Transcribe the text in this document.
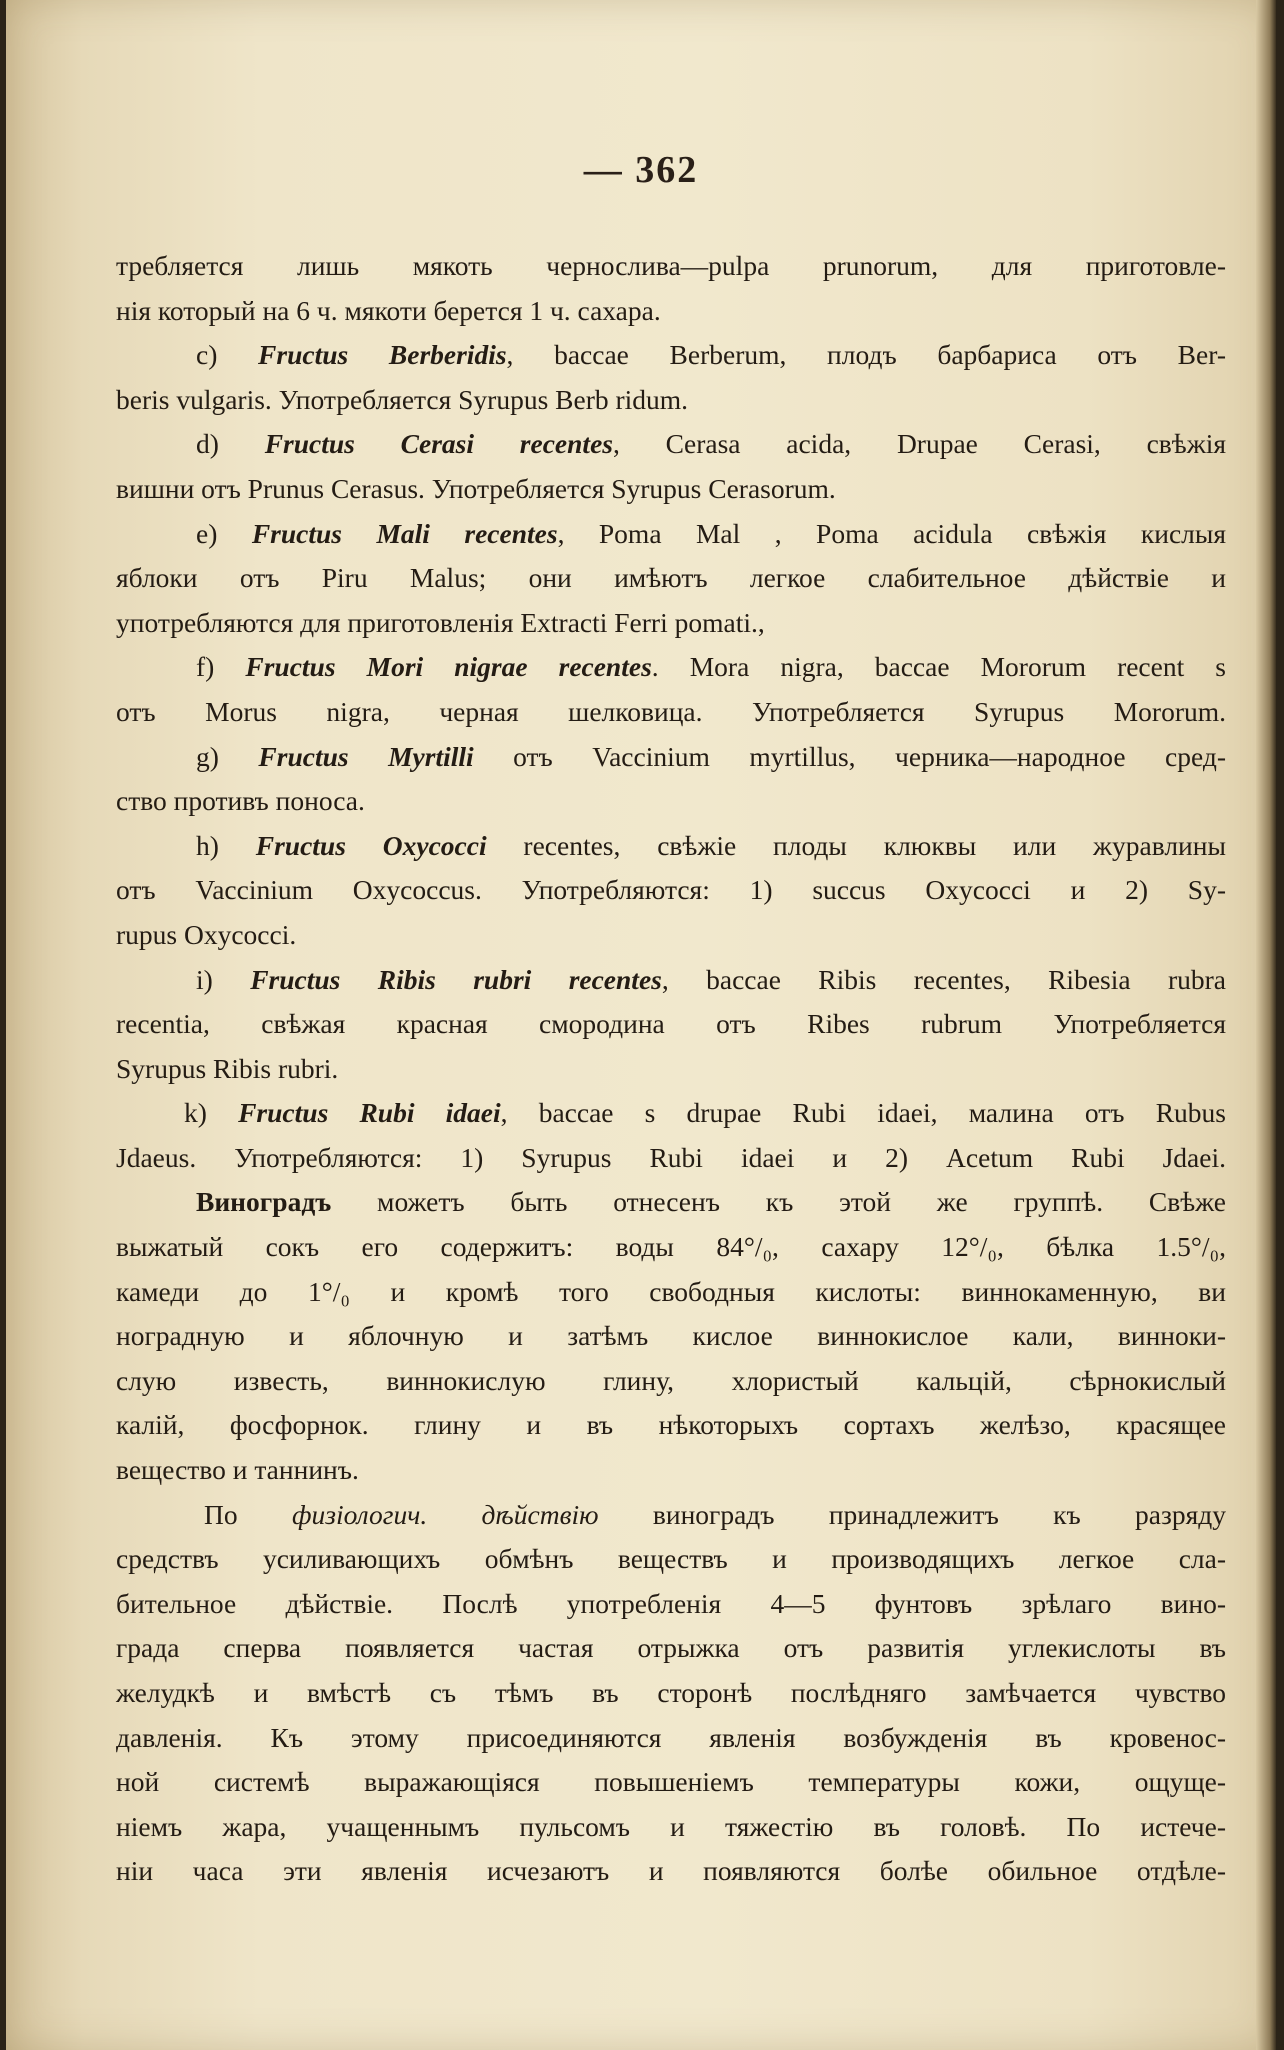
— 362

требляется лишь мякоть чернослива—pulpa prunorum, для приготовле-

нія который на 6 ч. мякоти берется 1 ч. сахара.

c) Fructus Berberidis, baccae Berberum, плодъ барбариса отъ Ber-

beris vulgaris. Употребляется Syrupus Berb ridum.

d) Fructus Cerasi recentes, Cerasa acida, Drupae Cerasi, свѣжія

вишни отъ Prunus Cerasus. Употребляется Syrupus Cerasorum.

e) Fructus Mali recentes, Poma Mal , Poma acidula свѣжія кислыя

яблоки отъ Piru Malus; они имѣютъ легкое слабительное дѣйствіе и

употребляются для приготовленія Extracti Ferri pomati.,

f) Fructus Mori nigrae recentes. Mora nigra, baccae Mororum recent s

отъ Morus nigra, черная шелковица. Употребляется Syrupus Mororum.

g) Fructus Myrtilli отъ Vaccinium myrtillus, черника—народное сред-

ство противъ поноса.

h) Fructus Oxycocci recentes, свѣжіе плоды клюквы или журавлины

отъ Vaccinium Oxycoccus. Употребляются: 1) succus Oxycocci и 2) Sy-

rupus Oxycocci.

i) Fructus Ribis rubri recentes, baccae Ribis recentes, Ribesia rubra

recentia, свѣжая красная смородина отъ Ribes rubrum Употребляется

Syrupus Ribis rubri.

k) Fructus Rubi idaei, baccae s drupae Rubi idaei, малина отъ Rubus

Jdaeus. Употребляются: 1) Syrupus Rubi idaei и 2) Acetum Rubi Jdaei.

Виноградъ можетъ быть отнесенъ къ этой же группѣ. Свѣже

выжатый сокъ его содержитъ: воды 84°/₀, сахару 12°/₀, бѣлка 1.5°/₀,

камеди до 1°/₀ и кромѣ того свободныя кислоты: виннокаменную, ви

ноградную и яблочную и затѣмъ кислое виннокислое кали, виннoки-

слую известь, виннокислую глину, хлористый кальцій, сѣрнокислый

калій, фосфорнок. глину и въ нѣкоторыхъ сортахъ желѣзо, красящее

вещество и таннинъ.

По физіологич. дѣйствію виноградъ принадлежитъ къ разряду

средствъ усиливающихъ обмѣнъ веществъ и производящихъ легкое сла-

бительное дѣйствіе. Послѣ употребленія 4—5 фунтовъ зрѣлаго вино-

града сперва появляется частая отрыжка отъ развитія углекислоты въ

желудкѣ и вмѣстѣ съ тѣмъ въ сторонѣ послѣдняго замѣчается чувство

давленія. Къ этому присоединяются явленія возбужденія въ кровенос-

ной системѣ выражающіяся повышеніемъ температуры кожи, ощуще-

ніемъ жара, учащеннымъ пульсомъ и тяжестію въ головѣ. По истече-

ніи часа эти явленія исчезаютъ и появляются болѣе обильное отдѣле-
